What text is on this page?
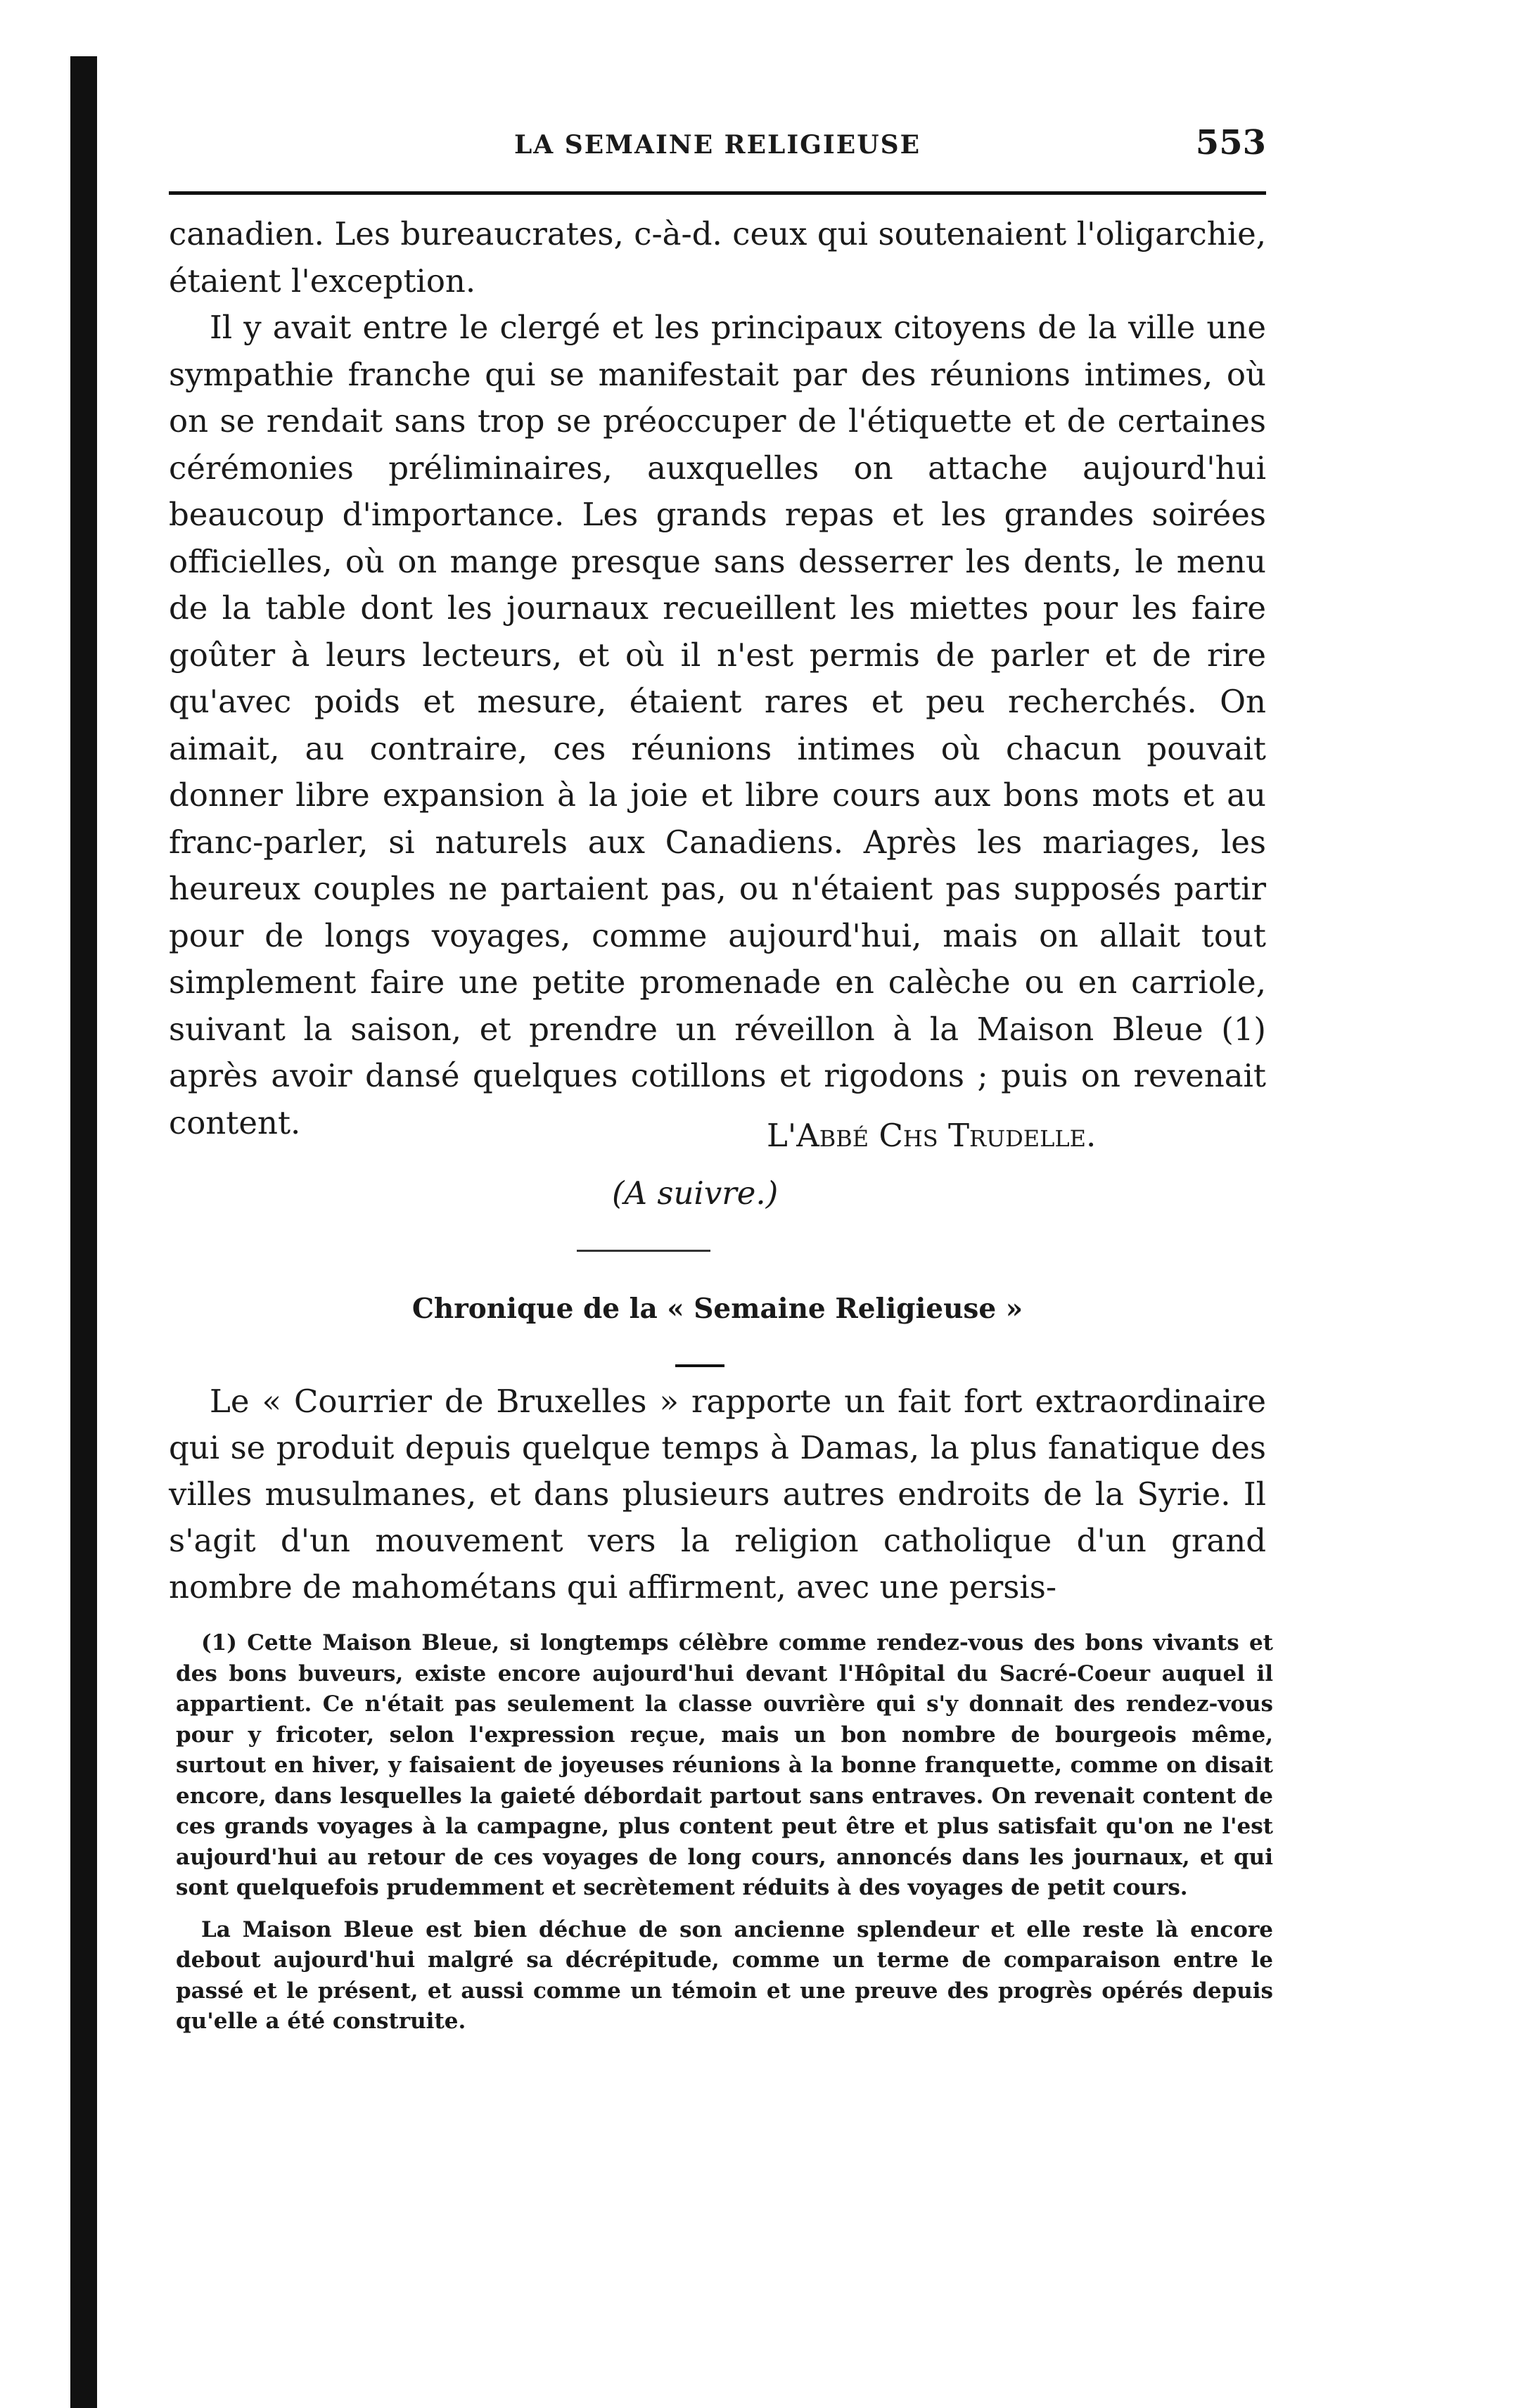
LA SEMAINE RELIGIEUSE	553

canadien. Les bureaucrates, c-à-d. ceux qui soutenaient l'oligarchie, étaient l'exception.

Il y avait entre le clergé et les principaux citoyens de la ville une sympathie franche qui se manifestait par des réunions intimes, où on se rendait sans trop se préoccuper de l'étiquette et de certaines cérémonies préliminaires, auxquelles on attache aujourd'hui beaucoup d'importance. Les grands repas et les grandes soirées officielles, où on mange presque sans desserrer les dents, le menu de la table dont les journaux recueillent les miettes pour les faire goûter à leurs lecteurs, et où il n'est permis de parler et de rire qu'avec poids et mesure, étaient rares et peu recherchés. On aimait, au contraire, ces réunions intimes où chacun pouvait donner libre expansion à la joie et libre cours aux bons mots et au franc-parler, si naturels aux Canadiens. Après les mariages, les heureux couples ne partaient pas, ou n'étaient pas supposés partir pour de longs voyages, comme aujourd'hui, mais on allait tout simplement faire une petite promenade en calèche ou en carriole, suivant la saison, et prendre un réveillon à la Maison Bleue (1) après avoir dansé quelques cotillons et rigodons ; puis on revenait content.	L'Abbé Chs Trudelle.
(A suivre.)
Chronique de la « Semaine Religieuse »
Le « Courrier de Bruxelles » rapporte un fait fort extraordinaire qui se produit depuis quelque temps à Damas, la plus fanatique des villes musulmanes, et dans plusieurs autres endroits de la Syrie. Il s'agit d'un mouvement vers la religion catholique d'un grand nombre de mahométans qui affirment, avec une persis-

(1) Cette Maison Bleue, si longtemps célèbre comme rendez-vous des bons vivants et des bons buveurs, existe encore aujourd'hui devant l'Hôpital du Sacré-Coeur auquel il appartient. Ce n'était pas seulement la classe ouvrière qui s'y donnait des rendez-vous pour y fricoter, selon l'expression reçue, mais un bon nombre de bourgeois même, surtout en hiver, y faisaient de joyeuses réunions à la bonne franquette, comme on disait encore, dans lesquelles la gaieté débordait partout sans entraves. On revenait content de ces grands voyages à la campagne, plus content peut être et plus satisfait qu'on ne l'est aujourd'hui au retour de ces voyages de long cours, annoncés dans les journaux, et qui sont quelquefois prudemment et secrètement réduits à des voyages de petit cours.

La Maison Bleue est bien déchue de son ancienne splendeur et elle reste là encore debout aujourd'hui malgré sa décrépitude, comme un terme de comparaison entre le passé et le présent, et aussi comme un témoin et une preuve des progrès opérés depuis qu'elle a été construite.
